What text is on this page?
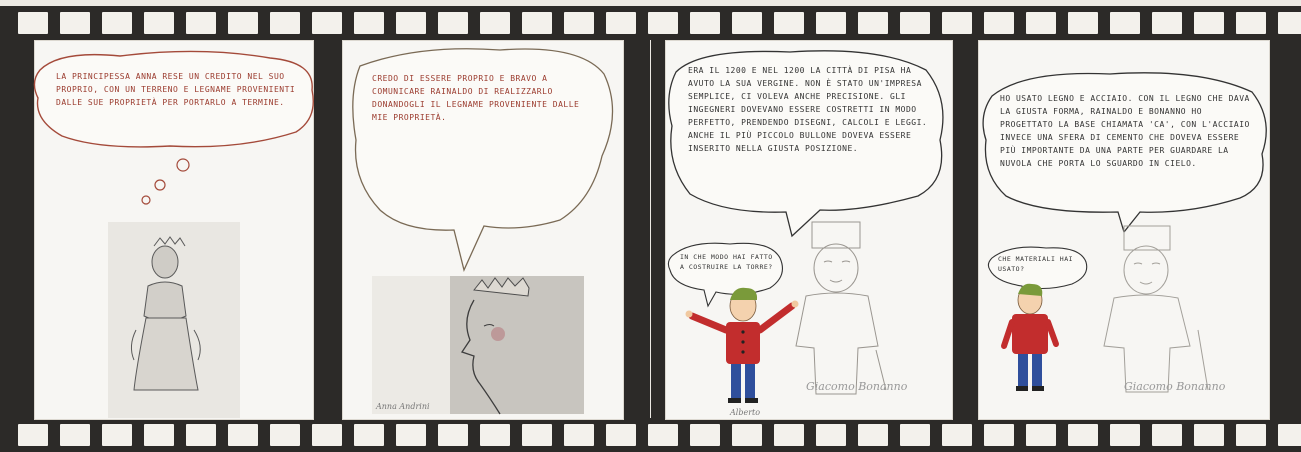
LA PRINCIPESSA ANNA RESE UN CREDITO NEL SUO PROPRIO, CON UN TERRENO E LEGNAME PROVENIENTI DALLE SUE PROPRIETÀ PER PORTARLO A TERMINE.
CREDO DI ESSERE PROPRIO E BRAVO A COMUNICARE RAINALDO DI REALIZZARLO DONANDOGLI IL LEGNAME PROVENIENTE DALLE MIE PROPRIETÀ.
ERA IL 1200 E NEL 1200 LA CITTÀ DI PISA HA AVUTO LA SUA VERGINE. NON È STATO UN'IMPRESA SEMPLICE, CI VOLEVA ANCHE PRECISIONE. GLI INGEGNERI DOVEVANO ESSERE COSTRETTI IN MODO PERFETTO, PRENDENDO DISEGNI, CALCOLI E LEGGI. ANCHE IL PIÙ PICCOLO BULLONE DOVEVA ESSERE INSERITO NELLA GIUSTA POSIZIONE.
IN CHE MODO HAI FATTO A COSTRUIRE LA TORRE?
HO USATO LEGNO E ACCIAIO. CON IL LEGNO CHE DAVA LA GIUSTA FORMA, RAINALDO E BONANNO HO PROGETTATO LA BASE CHIAMATA 'CA', CON L'ACCIAIO INVECE UNA SFERA DI CEMENTO CHE DOVEVA ESSERE PIÙ IMPORTANTE DA UNA PARTE PER GUARDARE LA NUVOLA CHE PORTA LO SGUARDO IN CIELO.
CHE MATERIALI HAI USATO?
Anna Andrini
Giacomo Bonanno
Alberto
Giacomo Bonanno
